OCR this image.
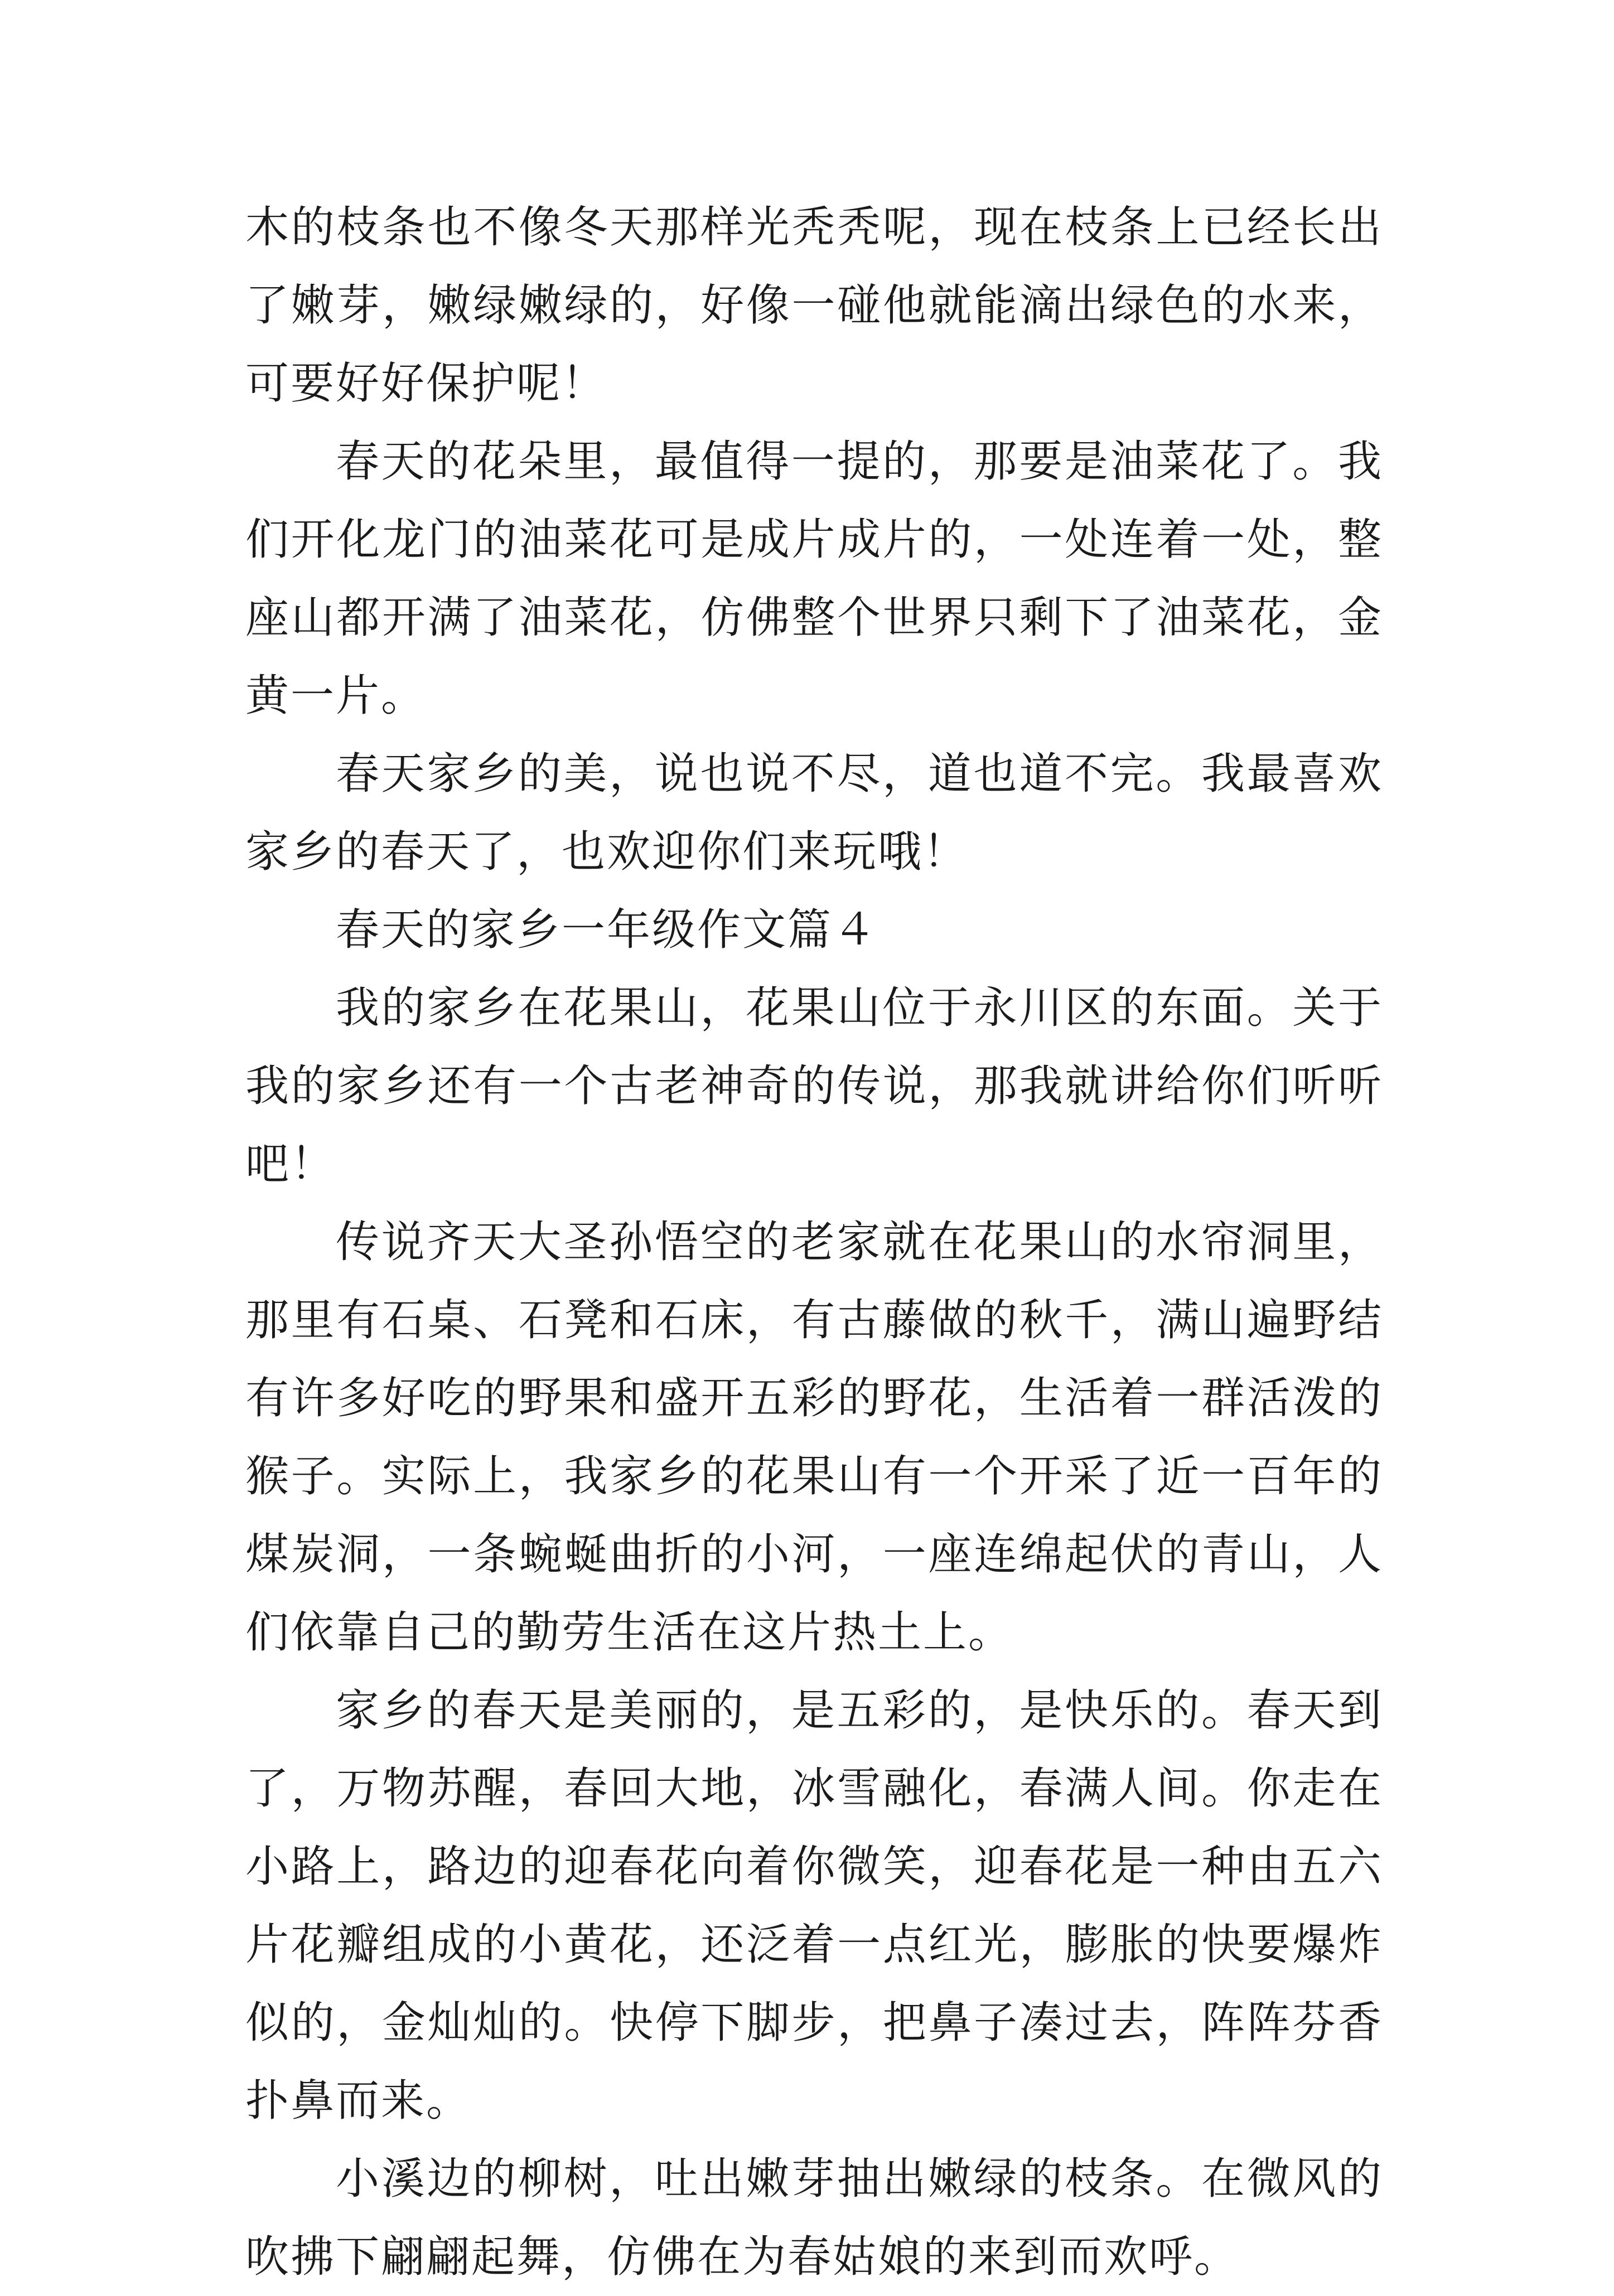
木的枝条也不像冬天那样光秃秃呢，现在枝条上已经长出了嫩芽，嫩绿嫩绿的，好像一碰他就能滴出绿色的水来，可要好好保护呢！

春天的花朵里，最值得一提的，那要是油菜花了。我们开化龙门的油菜花可是成片成片的，一处连着一处，整座山都开满了油菜花，仿佛整个世界只剩下了油菜花，金黄一片。

春天家乡的美，说也说不尽，道也道不完。我最喜欢家乡的春天了，也欢迎你们来玩哦！

春天的家乡一年级作文篇４

我的家乡在花果山，花果山位于永川区的东面。关于我的家乡还有一个古老神奇的传说，那我就讲给你们听听吧！

传说齐天大圣孙悟空的老家就在花果山的水帘洞里，那里有石桌、石凳和石床，有古藤做的秋千，满山遍野结有许多好吃的野果和盛开五彩的野花，生活着一群活泼的猴子。实际上，我家乡的花果山有一个开采了近一百年的煤炭洞，一条蜿蜒曲折的小河，一座连绵起伏的青山，人们依靠自己的勤劳生活在这片热土上。

家乡的春天是美丽的，是五彩的，是快乐的。春天到了，万物苏醒，春回大地，冰雪融化，春满人间。你走在小路上，路边的迎春花向着你微笑，迎春花是一种由五六片花瓣组成的小黄花，还泛着一点红光，膨胀的快要爆炸似的，金灿灿的。快停下脚步，把鼻子凑过去，阵阵芬香扑鼻而来。

小溪边的柳树，吐出嫩芽抽出嫩绿的枝条。在微风的吹拂下翩翩起舞，仿佛在为春姑娘的来到而欢呼。
